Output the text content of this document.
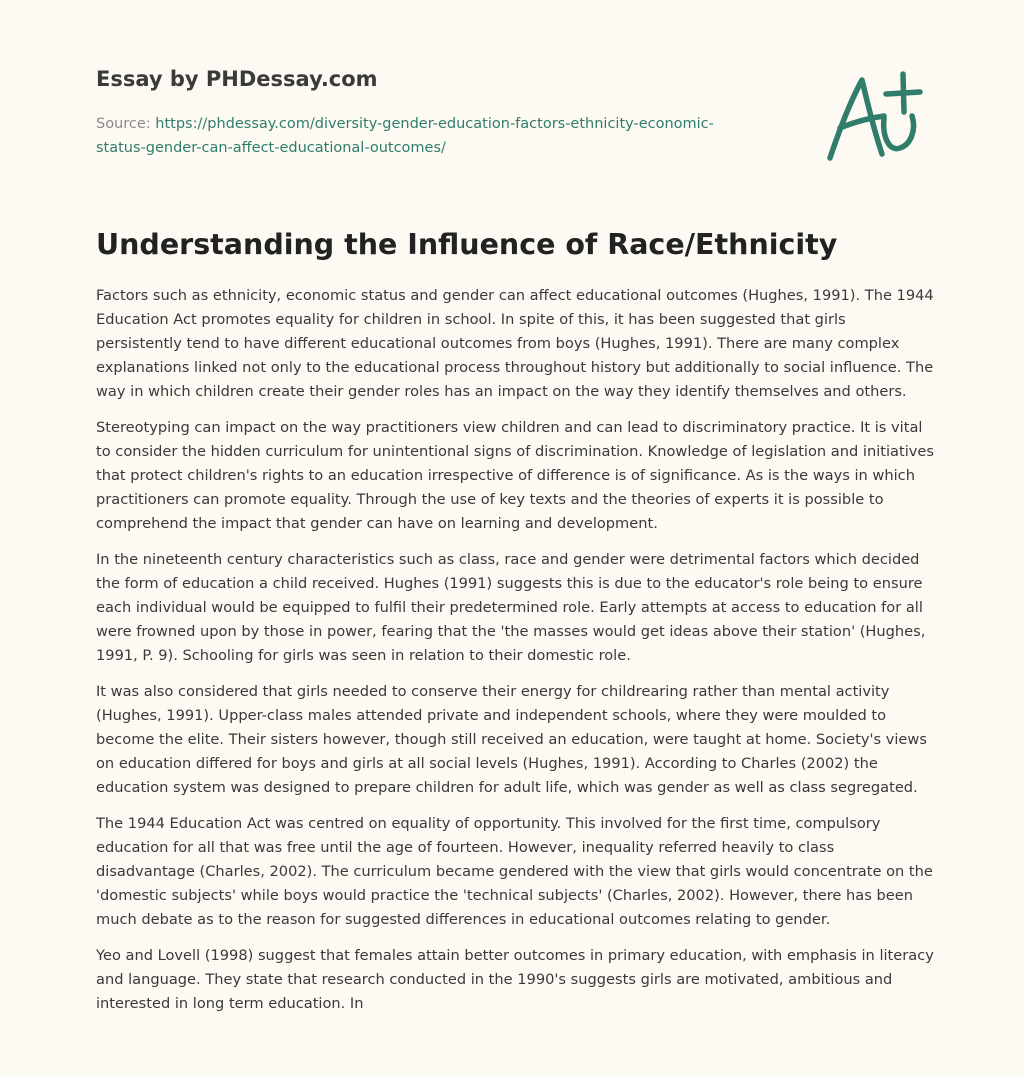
Essay by PHDessay.com
Source: https://phdessay.com/diversity-gender-education-factors-ethnicity-economic-
status-gender-can-affect-educational-outcomes/
Understanding the Influence of Race/Ethnicity

Factors such as ethnicity, economic status and gender can affect educational outcomes (Hughes, 1991). The 1944 Education Act promotes equality for children in school. In spite of this, it has been suggested that girls persistently tend to have different educational outcomes from boys (Hughes, 1991). There are many complex explanations linked not only to the educational process throughout history but additionally to social influence. The way in which children create their gender roles has an impact on the way they identify themselves and others.

Stereotyping can impact on the way practitioners view children and can lead to discriminatory practice. It is vital to consider the hidden curriculum for unintentional signs of discrimination. Knowledge of legislation and initiatives that protect children's rights to an education irrespective of difference is of significance. As is the ways in which practitioners can promote equality. Through the use of key texts and the theories of experts it is possible to comprehend the impact that gender can have on learning and development.

In the nineteenth century characteristics such as class, race and gender were detrimental factors which decided the form of education a child received. Hughes (1991) suggests this is due to the educator's role being to ensure each individual would be equipped to fulfil their predetermined role. Early attempts at access to education for all were frowned upon by those in power, fearing that the 'the masses would get ideas above their station' (Hughes, 1991, P. 9). Schooling for girls was seen in relation to their domestic role.

It was also considered that girls needed to conserve their energy for childrearing rather than mental activity (Hughes, 1991). Upper-class males attended private and independent schools, where they were moulded to become the elite. Their sisters however, though still received an education, were taught at home. Society's views on education differed for boys and girls at all social levels (Hughes, 1991). According to Charles (2002) the education system was designed to prepare children for adult life, which was gender as well as class segregated.

The 1944 Education Act was centred on equality of opportunity. This involved for the first time, compulsory education for all that was free until the age of fourteen. However, inequality referred heavily to class disadvantage (Charles, 2002). The curriculum became gendered with the view that girls would concentrate on the 'domestic subjects' while boys would practice the 'technical subjects' (Charles, 2002). However, there has been much debate as to the reason for suggested differences in educational outcomes relating to gender.

Yeo and Lovell (1998) suggest that females attain better outcomes in primary education, with emphasis in literacy and language. They state that research conducted in the 1990's suggests girls are motivated, ambitious and interested in long term education. In
